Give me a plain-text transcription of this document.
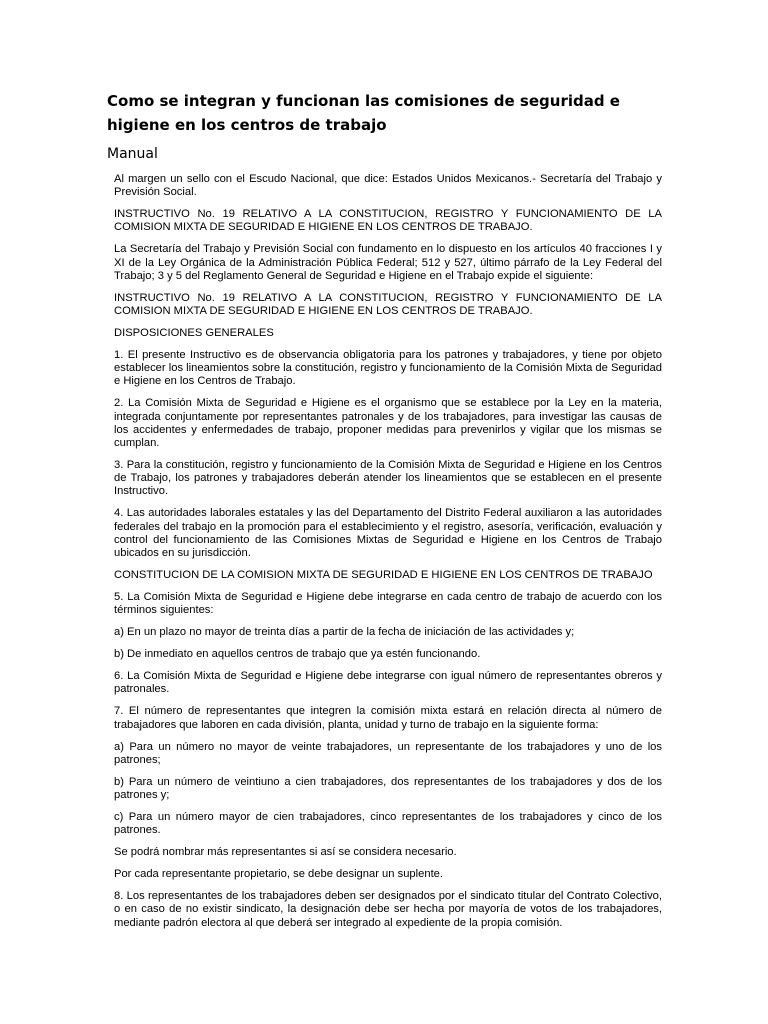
Como se integran y funcionan las comisiones de seguridad e higiene en los centros de trabajo
Manual

Al margen un sello con el Escudo Nacional, que dice: Estados Unidos Mexicanos.- Secretaría del Trabajo y Previsión Social.

INSTRUCTIVO No. 19 RELATIVO A LA CONSTITUCION, REGISTRO Y FUNCIONAMIENTO DE LA COMISION MIXTA DE SEGURIDAD E HIGIENE EN LOS CENTROS DE TRABAJO.

La Secretaría del Trabajo y Previsión Social con fundamento en lo dispuesto en los artículos 40 fracciones I y XI de la Ley Orgánica de la Administración Pública Federal; 512 y 527, último párrafo de la Ley Federal del Trabajo; 3 y 5 del Reglamento General de Seguridad e Higiene en el Trabajo expide el siguiente:

INSTRUCTIVO No. 19 RELATIVO A LA CONSTITUCION, REGISTRO Y FUNCIONAMIENTO DE LA COMISION MIXTA DE SEGURIDAD E HIGIENE EN LOS CENTROS DE TRABAJO.

DISPOSICIONES GENERALES

1. El presente Instructivo es de observancia obligatoria para los patrones y trabajadores, y tiene por objeto establecer los lineamientos sobre la constitución, registro y funcionamiento de la Comisión Mixta de Seguridad e Higiene en los Centros de Trabajo.

2. La Comisión Mixta de Seguridad e Higiene es el organismo que se establece por la Ley en la materia, integrada conjuntamente por representantes patronales y de los trabajadores, para investigar las causas de los accidentes y enfermedades de trabajo, proponer medidas para prevenirlos y vigilar que los mismas se cumplan.

3. Para la constitución, registro y funcionamiento de la Comisión Mixta de Seguridad e Higiene en los Centros de Trabajo, los patrones y trabajadores deberán atender los lineamientos que se establecen en el presente Instructivo.

4. Las autoridades laborales estatales y las del Departamento del Distrito Federal auxiliaron a las autoridades federales del trabajo en la promoción para el establecimiento y el registro, asesoría, verificación, evaluación y control del funcionamiento de las Comisiones Mixtas de Seguridad e Higiene en los Centros de Trabajo ubicados en su jurisdicción.

CONSTITUCION DE LA COMISION MIXTA DE SEGURIDAD E HIGIENE EN LOS CENTROS DE TRABAJO

5. La Comisión Mixta de Seguridad e Higiene debe integrarse en cada centro de trabajo de acuerdo con los términos siguientes:

a) En un plazo no mayor de treinta días a partir de la fecha de iniciación de las actividades y;

b) De inmediato en aquellos centros de trabajo que ya estén funcionando.

6. La Comisión Mixta de Seguridad e Higiene debe integrarse con igual número de representantes obreros y patronales.

7. El número de representantes que integren la comisión mixta estará en relación directa al número de trabajadores que laboren en cada división, planta, unidad y turno de trabajo en la siguiente forma:

a) Para un número no mayor de veinte trabajadores, un representante de los trabajadores y uno de los patrones;

b) Para un número de veintiuno a cien trabajadores, dos representantes de los trabajadores y dos de los patrones y;

c) Para un número mayor de cien trabajadores, cinco representantes de los trabajadores y cinco de los patrones.

Se podrá nombrar más representantes si así se considera necesario.

Por cada representante propietario, se debe designar un suplente.

8. Los representantes de los trabajadores deben ser designados por el sindicato titular del Contrato Colectivo, o en caso de no existir sindicato, la designación debe ser hecha por mayoría de votos de los trabajadores, mediante padrón electora al que deberá ser integrado al expediente de la propia comisión.
